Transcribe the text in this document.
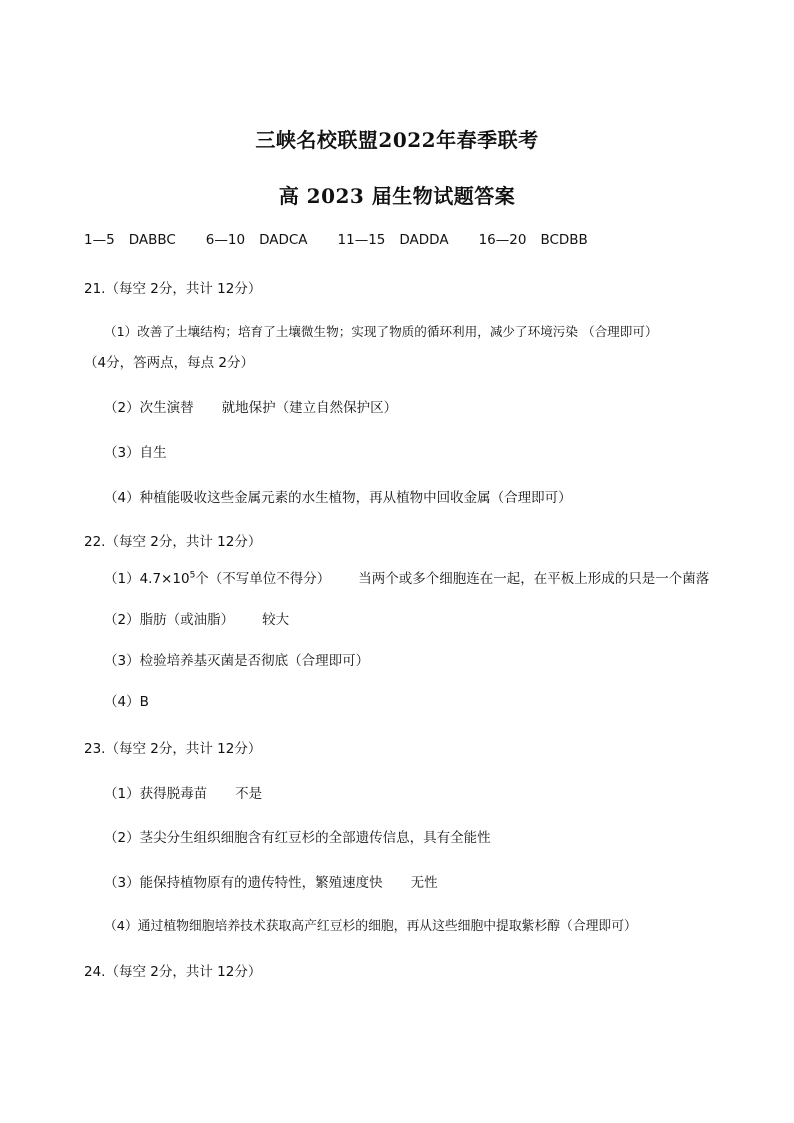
三峡名校联盟2022年春季联考
高 2023 届生物试题答案
1—5 DABBC 6—10 DADCA 11—15 DADDA 16—20 BCDBB
21.（每空 2分，共计 12分）
（1）改善了土壤结构；培育了土壤微生物；实现了物质的循环利用，减少了环境污染 （合理即可）
（4分，答两点，每点 2分）
（2）次生演替 就地保护（建立自然保护区）
（3）自生
（4）种植能吸收这些金属元素的水生植物，再从植物中回收金属（合理即可）
22.（每空 2分，共计 12分）
$(1)4.7\times 10^5$个（不写单位不得分） 当两个或多个细胞连在一起，在平板上形成的只是一个菌落
（2）脂肪（或油脂） 较大
（3）检验培养基灭菌是否彻底（合理即可）
（4）B
23.（每空 2分，共计 12分）
（1）获得脱毒苗 不是
（2）茎尖分生组织细胞含有红豆杉的全部遗传信息，具有全能性
（3）能保持植物原有的遗传特性，繁殖速度快 无性
（4）通过植物细胞培养技术获取高产红豆杉的细胞，再从这些细胞中提取紫杉醇（合理即可）
24.（每空 2分，共计 12分）
